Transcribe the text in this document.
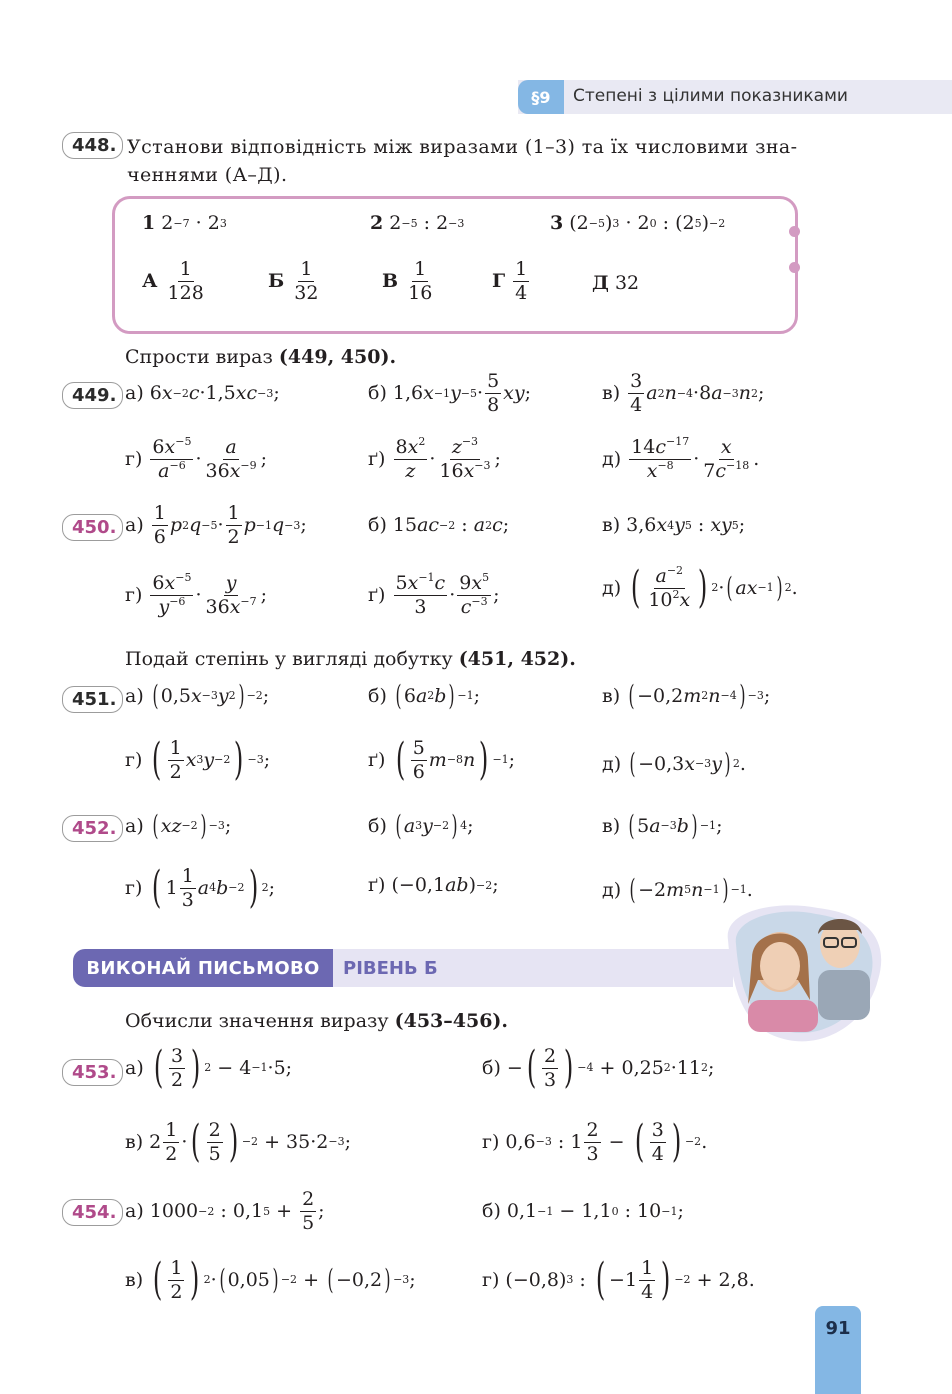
§9	Степені з цілими показниками
448. Установи відповідність між виразами (1–3) та їх числовими зна-
ченнями (А–Д).
1 2 −7 · 2 3	2 2 −5 : 2 −3	3 (2 −5 ) 3 · 2 0 : (2 5 ) −2
А
$\frac{1}{128}$	Б
$\frac{1}{32}$	В
$\frac{1}{16}$	Г
$\frac{1}{4}$	Д
32
Спрости вираз (449, 450).
449. а) 6 x −2 c ·1,5 xc −3 ;	б) 1,6 x −1 $y -5 \cdot \frac{5}{8}$ xy ;	в)
$\frac{3}{4}$ a 2 n −4 ·8 a −3 n 2 ;
г)
$\frac{6x^{-5}}{a^{-6}} \cdot \frac{a}{36x^{-9}}$ ;	ґ)
$\frac{8x^2}{z} \cdot \frac{z^{-3}}{16x^{-3}}$ ;	д)
$\frac{14c^{-17}}{x^{-8}} \cdot \frac{x}{7c^{-18}}$ .
450. а)
$\frac{1}{6}$ p 2 $q -5 \cdot \frac{1}{2}$ p −1 q −3 ;	б) 15 ac −2 : a 2 c ;	в) 3,6 x 4 y 5 : xy 5 ;
г)
$\frac{6x^{-5}}{y^{-6}} \cdot \frac{y}{36x^{-7}}$ ;	ґ)
$\frac{5x^{-1}c}{3} \cdot \frac{9x^5}{c^{-3}}$ ;	д)
( $\frac{a^{-2}}{10^2x}$ ) 2 · ( ax −1 ) 2 .
Подай степінь у вигляді добутку (451, 452).
451. а)
( 0,5 x −3 y 2 ) −2 ;	б)
( 6 a 2 b ) −1 ;	в)
( −0,2 m 2 n −4 ) −3 ;
г)
( $\frac{1}{2}$ x 3 y −2 ) −3 ;	ґ)
( $\frac{5}{6}$ m −8 n ) −1 ;	д)
( −0,3 x −3 y ) 2 .
452. а)
( xz −2 ) −3 ;	б)
( a 3 y −2 ) 4 ;	в)
( 5 a −3 b ) −1 ;
г)
( $1 \frac{1}{3}$ a 4 b −2 ) 2 ;	ґ) (−0,1 ab ) −2 ;	д)
( −2 m 5 n −1 ) −1 .
ВИКОНАЙ ПИСЬМОВО	РІВЕНЬ Б
Обчисли значення виразу (453–456).
453. а)
( $\frac{3}{2}$ ) 2 − 4 −1 ·5;	б) − ( $\frac{2}{3}$ ) −4 + 0,25 2 ·11 2 ;
в) $2 \frac{1}{2}$ · ( $\frac{2}{5}$ ) −2 + 35·2 −3 ;	г) 0,6 −3 : $1 \frac{2}{3}$ − ( $\frac{3}{4}$ ) −2 .
454. а) 1000 −2 : 0,1 $5 + \frac{2}{5}$ ;	б) 0,1 −1 − 1,1 0 : 10 −1 ;
в)
( $\frac{1}{2}$ ) 2 · ( 0,05 ) −2 + ( −0,2 ) −3 ;	г) (−0,8) 3 : ( $-1 \frac{1}{4}$ ) −2 + 2,8.
91
